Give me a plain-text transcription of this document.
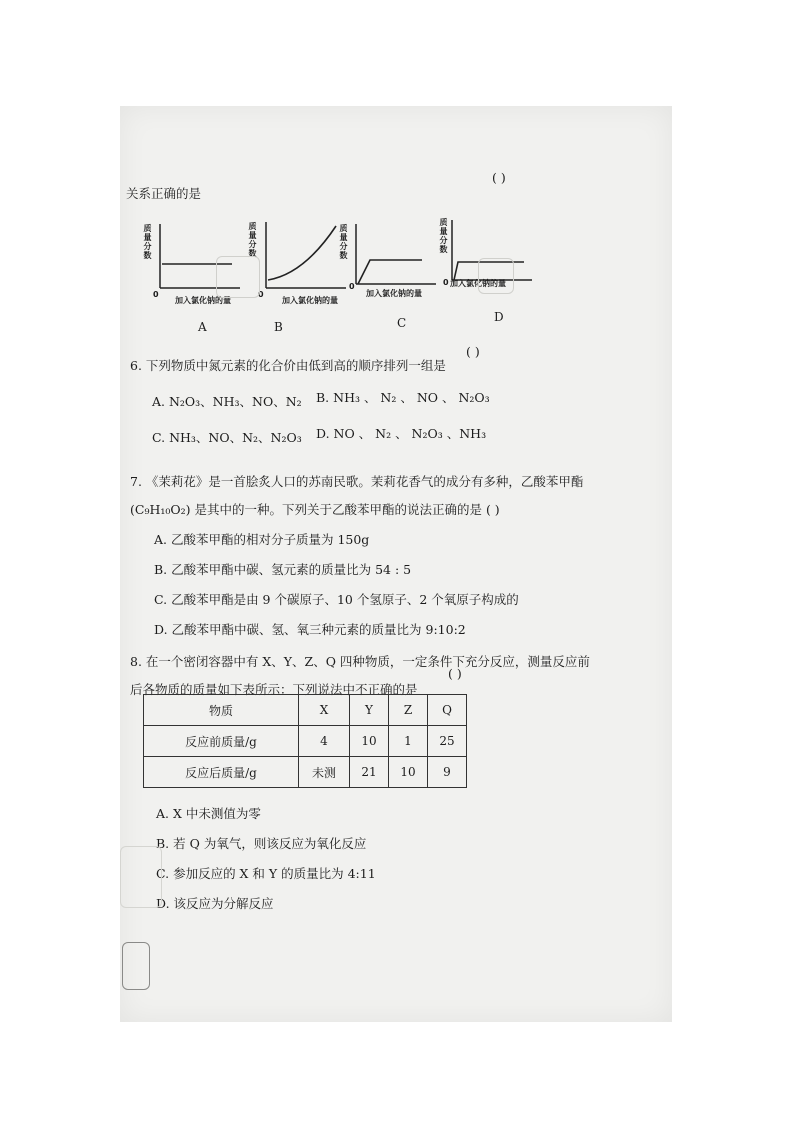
关系正确的是
( )
质量分数
0
加入氯化钠的量
A
质量分数
0
加入氯化钠的量
B
质量分数
0
加入氯化钠的量
C
质量分数
0 加入氯化钠的量
D
6. 下列物质中氮元素的化合价由低到高的顺序排列一组是
( )
A. N₂O₃、NH₃、NO、N₂ B. NH₃ 、 N₂ 、 NO 、 N₂O₃
C. NH₃、NO、N₂、N₂O₃ D. NO 、 N₂ 、 N₂O₃ 、NH₃
7. 《茉莉花》是一首脍炙人口的苏南民歌。茉莉花香气的成分有多种，乙酸苯甲酯
(C₉H₁₀O₂) 是其中的一种。下列关于乙酸苯甲酯的说法正确的是 ( )
A. 乙酸苯甲酯的相对分子质量为 150g
B. 乙酸苯甲酯中碳、氢元素的质量比为 54 : 5
C. 乙酸苯甲酯是由 9 个碳原子、10 个氢原子、2 个氧原子构成的
D. 乙酸苯甲酯中碳、氢、氧三种元素的质量比为 9:10:2
8. 在一个密闭容器中有 X、Y、Z、Q 四种物质，一定条件下充分反应，测量反应前
后各物质的质量如下表所示：下列说法中不正确的是
( )
物质	X	Y	Z	Q
反应前质量/g	4	10	1	25
反应后质量/g	未测	21	10	9
A. X 中未测值为零
B. 若 Q 为氧气，则该反应为氧化反应
C. 参加反应的 X 和 Y 的质量比为 4:11
D. 该反应为分解反应
